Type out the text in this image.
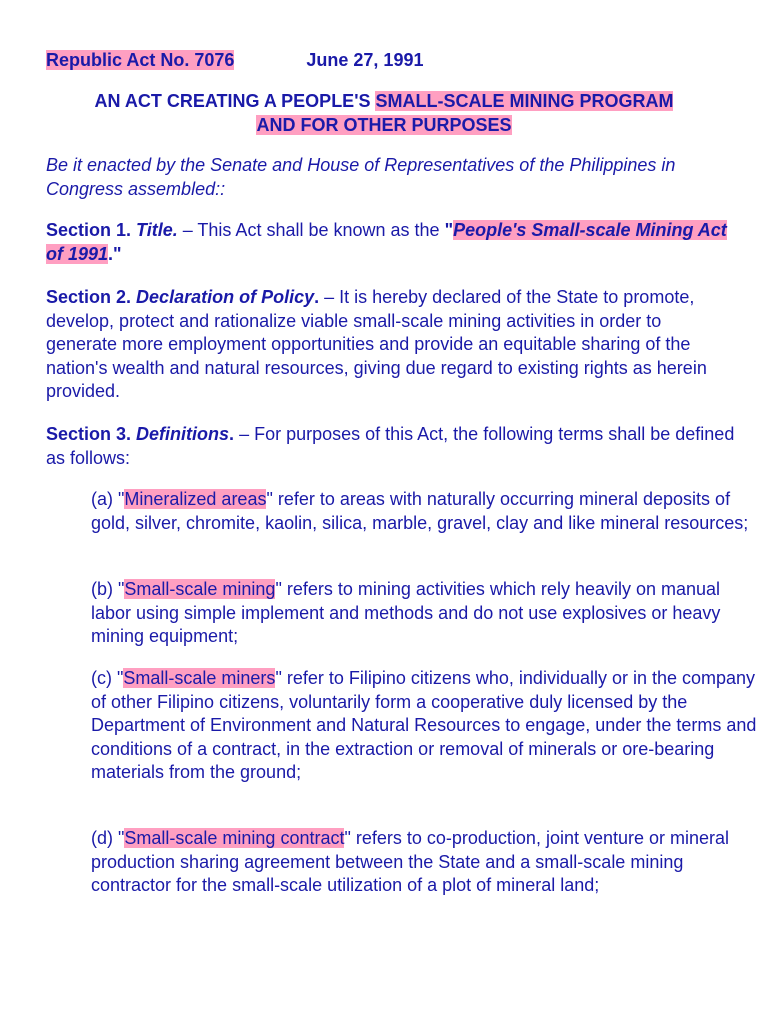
Republic Act No. 7076	June 27, 1991
AN ACT CREATING A PEOPLE'S SMALL-SCALE MINING PROGRAM
AND FOR OTHER PURPOSES

Be it enacted by the Senate and House of Representatives of the Philippines in Congress assembled::

Section 1. Title. – This Act shall be known as the "People's Small-scale Mining Act of 1991."

Section 2. Declaration of Policy. – It is hereby declared of the State to promote, develop, protect and rationalize viable small-scale mining activities in order to generate more employment opportunities and provide an equitable sharing of the nation's wealth and natural resources, giving due regard to existing rights as herein provided.

Section 3. Definitions. – For purposes of this Act, the following terms shall be defined as follows:

(a) "Mineralized areas" refer to areas with naturally occurring mineral deposits of gold, silver, chromite, kaolin, silica, marble, gravel, clay and like mineral resources;

(b) "Small-scale mining" refers to mining activities which rely heavily on manual labor using simple implement and methods and do not use explosives or heavy mining equipment;

(c) "Small-scale miners" refer to Filipino citizens who, individually or in the company of other Filipino citizens, voluntarily form a cooperative duly licensed by the Department of Environment and Natural Resources to engage, under the terms and conditions of a contract, in the extraction or removal of minerals or ore-bearing materials from the ground;

(d) "Small-scale mining contract" refers to co-production, joint venture or mineral production sharing agreement between the State and a small-scale mining contractor for the small-scale utilization of a plot of mineral land;
